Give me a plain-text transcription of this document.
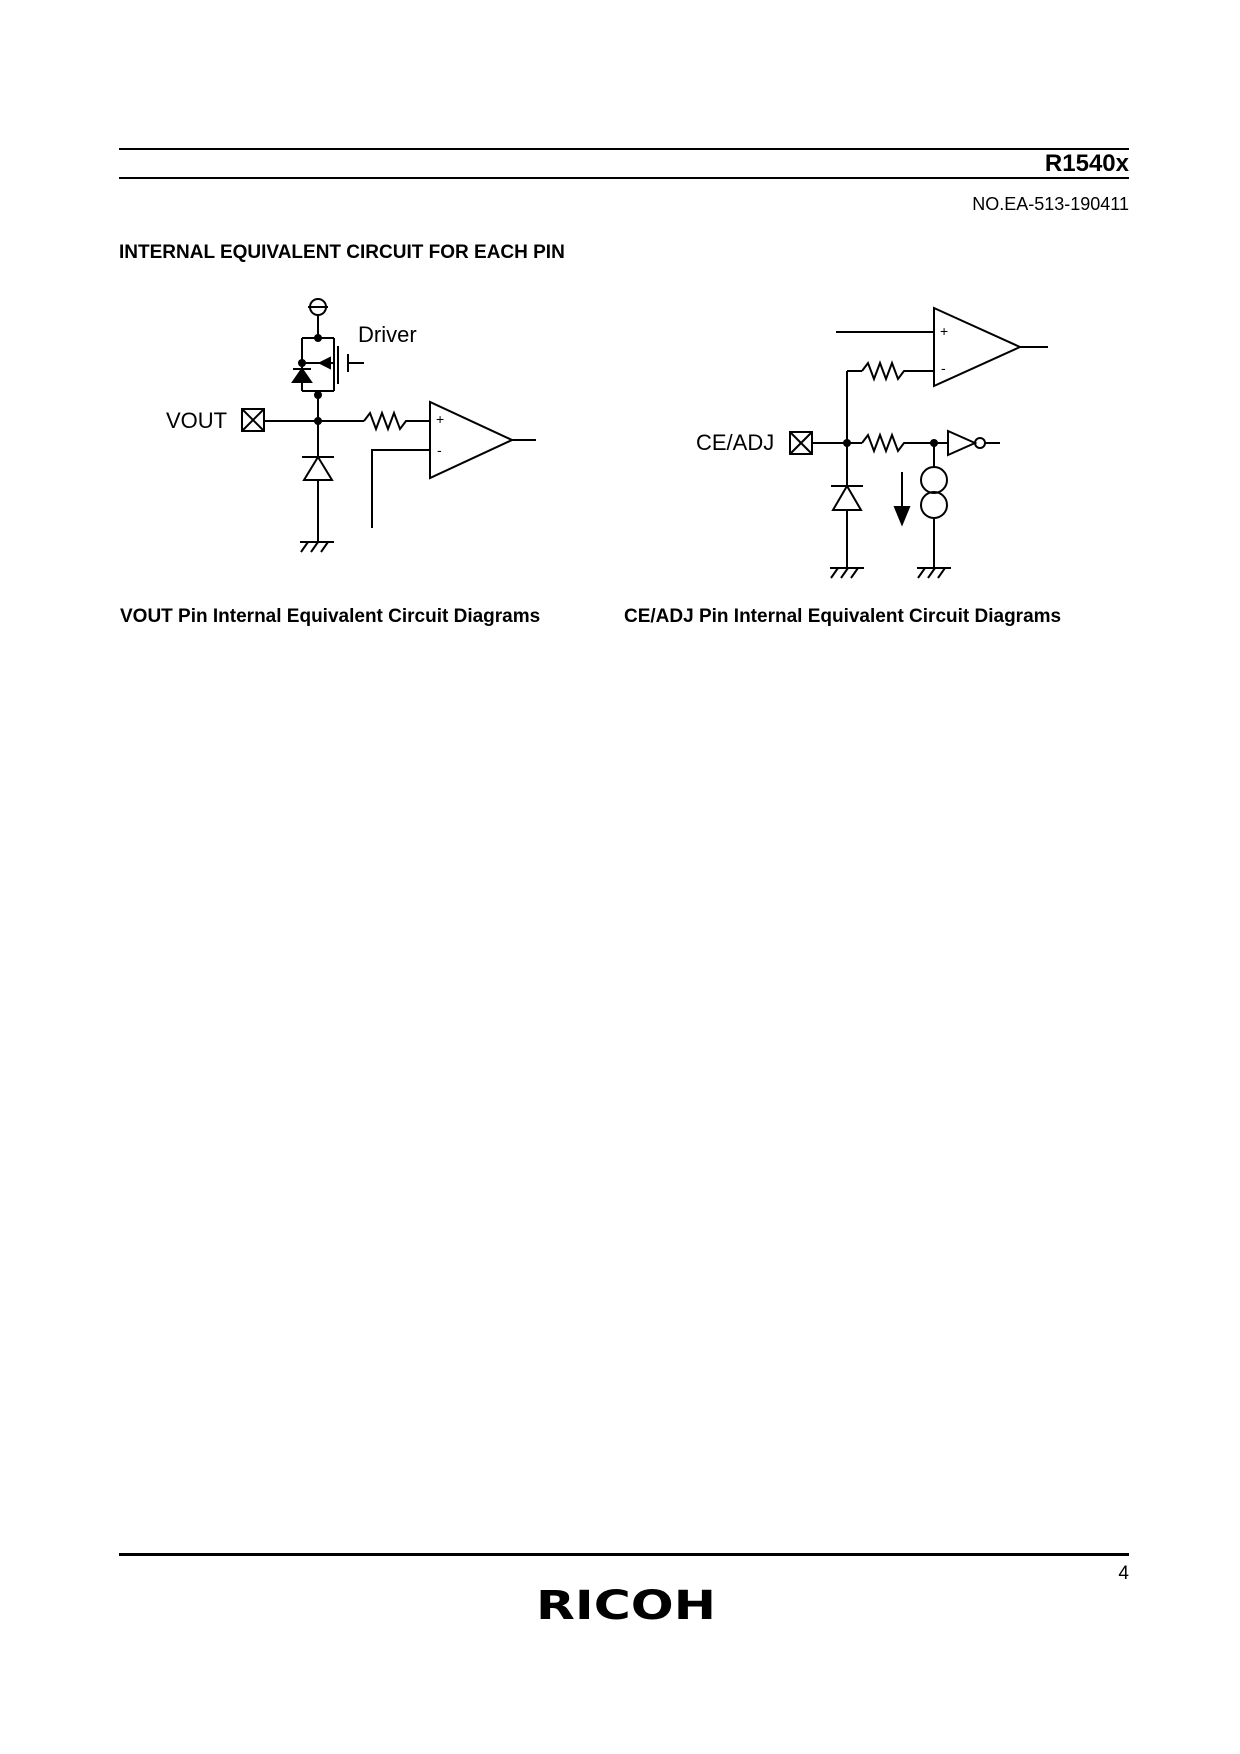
R1540x
NO.EA-513-190411
INTERNAL EQUIVALENT CIRCUIT FOR EACH PIN
Driver
VOUT	+
-
+
-
CE/ADJ
VOUT Pin Internal Equivalent Circuit Diagrams	CE/ADJ Pin Internal Equivalent Circuit Diagrams
4
RICOH
